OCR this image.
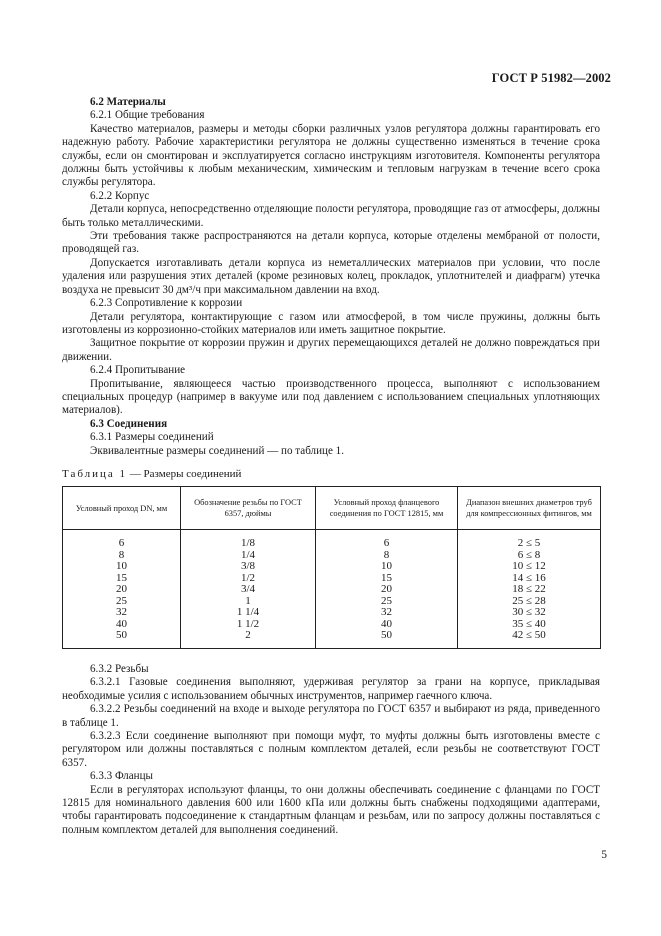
ГОСТ Р 51982—2002

6.2 Материалы

6.2.1 Общие требования

Качество материалов, размеры и методы сборки различных узлов регулятора должны гарантировать его надежную работу. Рабочие характеристики регулятора не должны существенно изменяться в течение срока службы, если он смонтирован и эксплуатируется согласно инструкциям изготовителя. Компоненты регулятора должны быть устойчивы к любым механическим, химическим и тепловым нагрузкам в течение всего срока службы регулятора.

6.2.2 Корпус

Детали корпуса, непосредственно отделяющие полости регулятора, проводящие газ от атмосферы, должны быть только металлическими.

Эти требования также распространяются на детали корпуса, которые отделены мембраной от полости, проводящей газ.

Допускается изготавливать детали корпуса из неметаллических материалов при условии, что после удаления или разрушения этих деталей (кроме резиновых колец, прокладок, уплотнителей и диафрагм) утечка воздуха не превысит 30 дм³/ч при максимальном давлении на вход.

6.2.3 Сопротивление к коррозии

Детали регулятора, контактирующие с газом или атмосферой, в том числе пружины, должны быть изготовлены из коррозионно-стойких материалов или иметь защитное покрытие.

Защитное покрытие от коррозии пружин и других перемещающихся деталей не должно повреждаться при движении.

6.2.4 Пропитывание

Пропитывание, являющееся частью производственного процесса, выполняют с использованием специальных процедур (например в вакууме или под давлением с использованием специальных уплотняющих материалов).

6.3 Соединения

6.3.1 Размеры соединений

Эквивалентные размеры соединений — по таблице 1.

Таблица 1 — Размеры соединений
Условный проход DN, мм	Обозначение резьбы по ГОСТ 6357, дюймы	Условный проход фланцевого соединения по ГОСТ 12815, мм	Диапазон внешних диаметров труб для компрессионных фитингов, мм
6	1/8	6	2 ≤ 5
8	1/4	8	6 ≤ 8
10	3/8	10	10 ≤ 12
15	1/2	15	14 ≤ 16
20	3/4	20	18 ≤ 22
25	1	25	25 ≤ 28
32	1 1/4	32	30 ≤ 32
40	1 1/2	40	35 ≤ 40
50	2	50	42 ≤ 50

6.3.2 Резьбы

6.3.2.1 Газовые соединения выполняют, удерживая регулятор за грани на корпусе, прикладывая необходимые усилия с использованием обычных инструментов, например гаечного ключа.

6.3.2.2 Резьбы соединений на входе и выходе регулятора по ГОСТ 6357 и выбирают из ряда, приведенного в таблице 1.

6.3.2.3 Если соединение выполняют при помощи муфт, то муфты должны быть изготовлены вместе с регулятором или должны поставляться с полным комплектом деталей, если резьбы не соответствуют ГОСТ 6357.

6.3.3 Фланцы

Если в регуляторах используют фланцы, то они должны обеспечивать соединение с фланцами по ГОСТ 12815 для номинального давления 600 или 1600 кПа или должны быть снабжены подходящими адаптерами, чтобы гарантировать подсоединение к стандартным фланцам и резьбам, или по запросу должны поставляться с полным комплектом деталей для выполнения соединений.

5
